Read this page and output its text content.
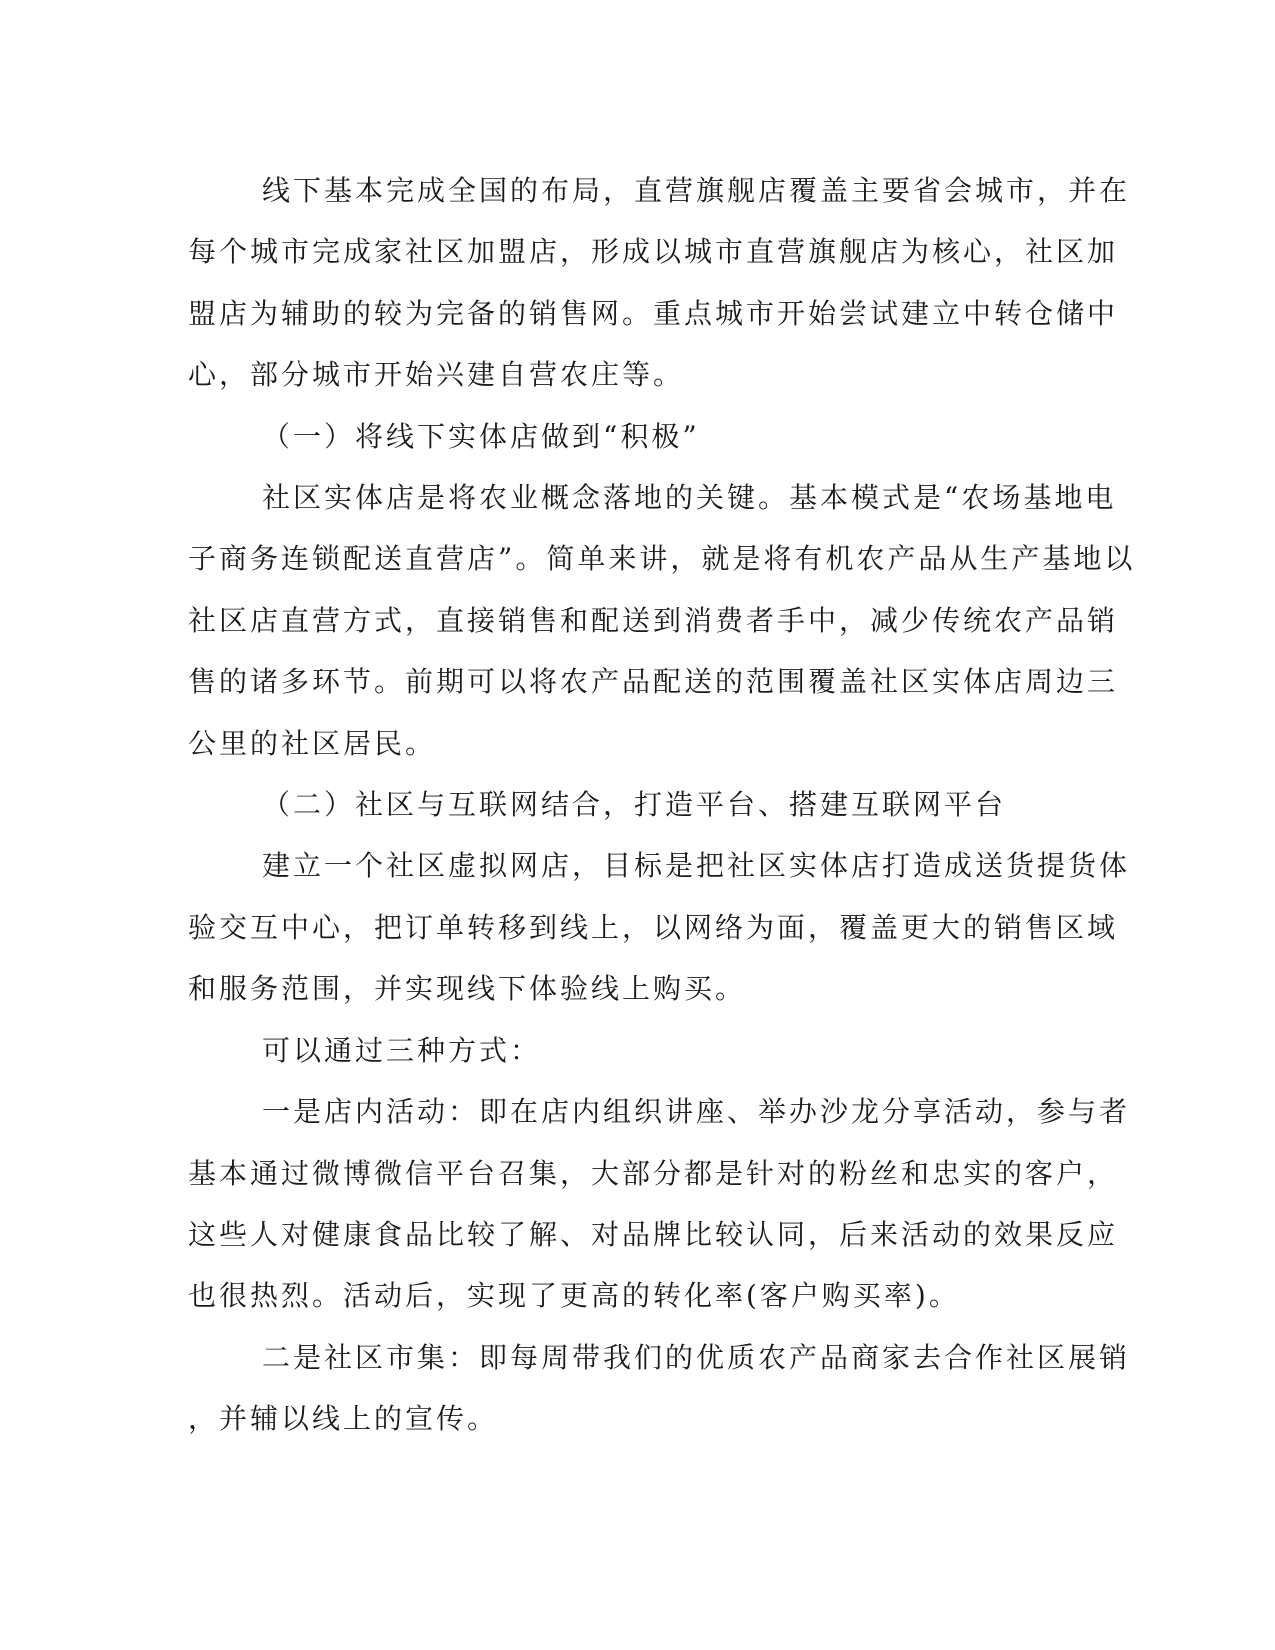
线下基本完成全国的布局，直营旗舰店覆盖主要省会城市，并在
每个城市完成家社区加盟店，形成以城市直营旗舰店为核心，社区加
盟店为辅助的较为完备的销售网。重点城市开始尝试建立中转仓储中
心，部分城市开始兴建自营农庄等。

（一）将线下实体店做到“积极”

社区实体店是将农业概念落地的关键。基本模式是“农场基地电
子商务连锁配送直营店”。简单来讲，就是将有机农产品从生产基地以
社区店直营方式，直接销售和配送到消费者手中，减少传统农产品销
售的诸多环节。前期可以将农产品配送的范围覆盖社区实体店周边三
公里的社区居民。

（二）社区与互联网结合，打造平台、搭建互联网平台

建立一个社区虚拟网店，目标是把社区实体店打造成送货提货体
验交互中心，把订单转移到线上，以网络为面，覆盖更大的销售区域
和服务范围，并实现线下体验线上购买。

可以通过三种方式：

一是店内活动：即在店内组织讲座、举办沙龙分享活动，参与者
基本通过微博微信平台召集，大部分都是针对的粉丝和忠实的客户，
这些人对健康食品比较了解、对品牌比较认同，后来活动的效果反应
也很热烈。活动后，实现了更高的转化率(客户购买率)。

二是社区市集：即每周带我们的优质农产品商家去合作社区展销
，并辅以线上的宣传。
